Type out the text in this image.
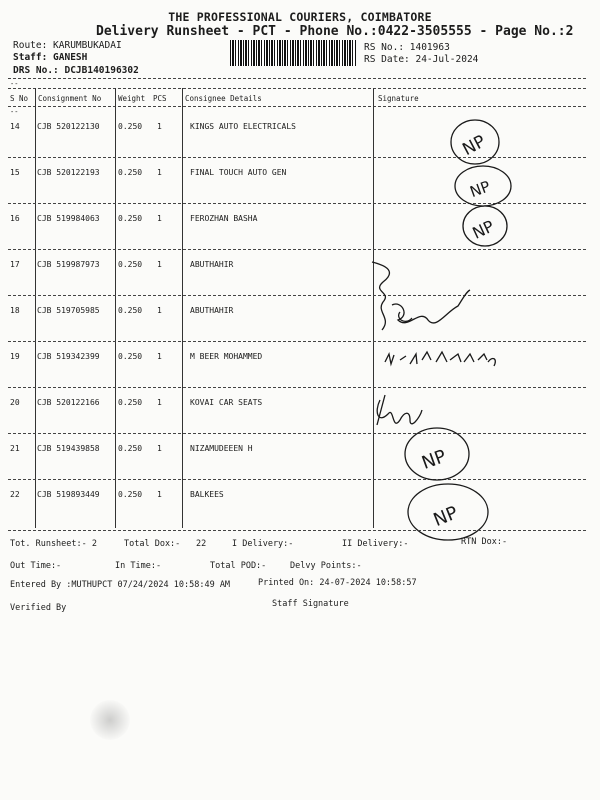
THE PROFESSIONAL COURIERS, COIMBATORE
Delivery Runsheet - PCT - Phone No.:0422-3505555 - Page No.:2
Route: KARUMBUKADAI
Staff: GANESH
DRS No.: DCJB140196302
RS No.: 1401963
RS Date: 24-Jul-2024
--
S No Consignment No Weight PCS Consignee Details	Signature
--
14 CJB 520122130 0.250 1	KINGS AUTO ELECTRICALS
15 CJB 520122193 0.250 1	FINAL TOUCH AUTO GEN
16 CJB 519984063 0.250 1	FEROZHAN BASHA
17 CJB 519987973 0.250 1	ABUTHAHIR
18 CJB 519705985 0.250 1	ABUTHAHIR
19 CJB 519342399 0.250 1	M BEER MOHAMMED
20 CJB 520122166 0.250 1	KOVAI CAR SEATS
21 CJB 519439858 0.250 1	NIZAMUDEEEN H
22 CJB 519893449 0.250 1	BALKEES
NP
NP
NP
NP
NP
Tot. Runsheet:- 2	Total Dox:- 22	I Delivery:-	II Delivery:-	RTN Dox:-
Out Time:-	In Time:-	Total POD:-	Delvy Points:-
Entered By :MUTHUPCT 07/24/2024 10:58:49 AM	Printed On: 24-07-2024 10:58:57
Verified By	Staff Signature
